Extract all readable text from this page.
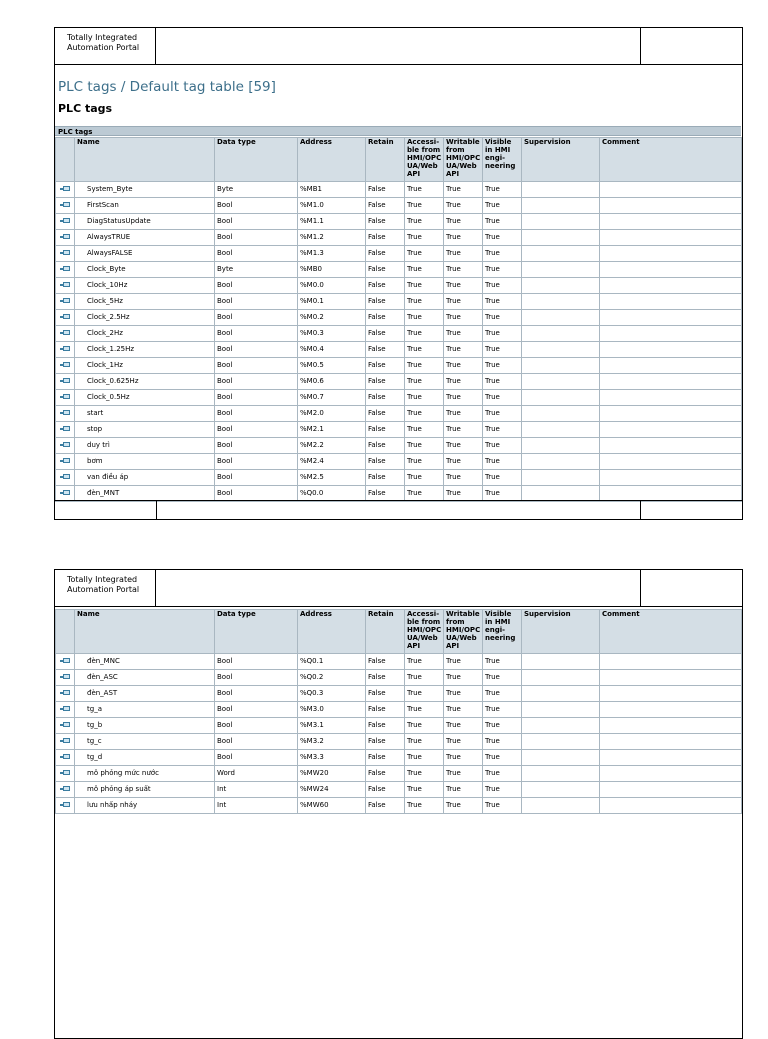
Totally Integrated
Automation Portal
PLC tags / Default tag table [59]
PLC tags
PLC tags
	Name	Data type	Address	Retain	Accessi-ble from HMI/OPC UA/Web API	Writable from HMI/OPC UA/Web API	Visible in HMI engi-neering	Supervision	Comment
	System_Byte	Byte	%MB1	False	True	True	True		
	FirstScan	Bool	%M1.0	False	True	True	True		
	DiagStatusUpdate	Bool	%M1.1	False	True	True	True		
	AlwaysTRUE	Bool	%M1.2	False	True	True	True		
	AlwaysFALSE	Bool	%M1.3	False	True	True	True		
	Clock_Byte	Byte	%MB0	False	True	True	True		
	Clock_10Hz	Bool	%M0.0	False	True	True	True		
	Clock_5Hz	Bool	%M0.1	False	True	True	True		
	Clock_2.5Hz	Bool	%M0.2	False	True	True	True		
	Clock_2Hz	Bool	%M0.3	False	True	True	True		
	Clock_1.25Hz	Bool	%M0.4	False	True	True	True		
	Clock_1Hz	Bool	%M0.5	False	True	True	True		
	Clock_0.625Hz	Bool	%M0.6	False	True	True	True		
	Clock_0.5Hz	Bool	%M0.7	False	True	True	True		
	start	Bool	%M2.0	False	True	True	True		
	stop	Bool	%M2.1	False	True	True	True		
	duy trì	Bool	%M2.2	False	True	True	True		
	bơm	Bool	%M2.4	False	True	True	True		
	van điều áp	Bool	%M2.5	False	True	True	True		
	đèn_MNT	Bool	%Q0.0	False	True	True	True		
Totally Integrated
Automation Portal
	Name	Data type	Address	Retain	Accessi-ble from HMI/OPC UA/Web API	Writable from HMI/OPC UA/Web API	Visible in HMI engi-neering	Supervision	Comment
	đèn_MNC	Bool	%Q0.1	False	True	True	True		
	đèn_ASC	Bool	%Q0.2	False	True	True	True		
	đèn_AST	Bool	%Q0.3	False	True	True	True		
	tg_a	Bool	%M3.0	False	True	True	True		
	tg_b	Bool	%M3.1	False	True	True	True		
	tg_c	Bool	%M3.2	False	True	True	True		
	tg_d	Bool	%M3.3	False	True	True	True		
	mô phỏng mức nước	Word	%MW20	False	True	True	True		
	mô phỏng áp suất	Int	%MW24	False	True	True	True		
	lưu nhấp nháy	Int	%MW60	False	True	True	True		
